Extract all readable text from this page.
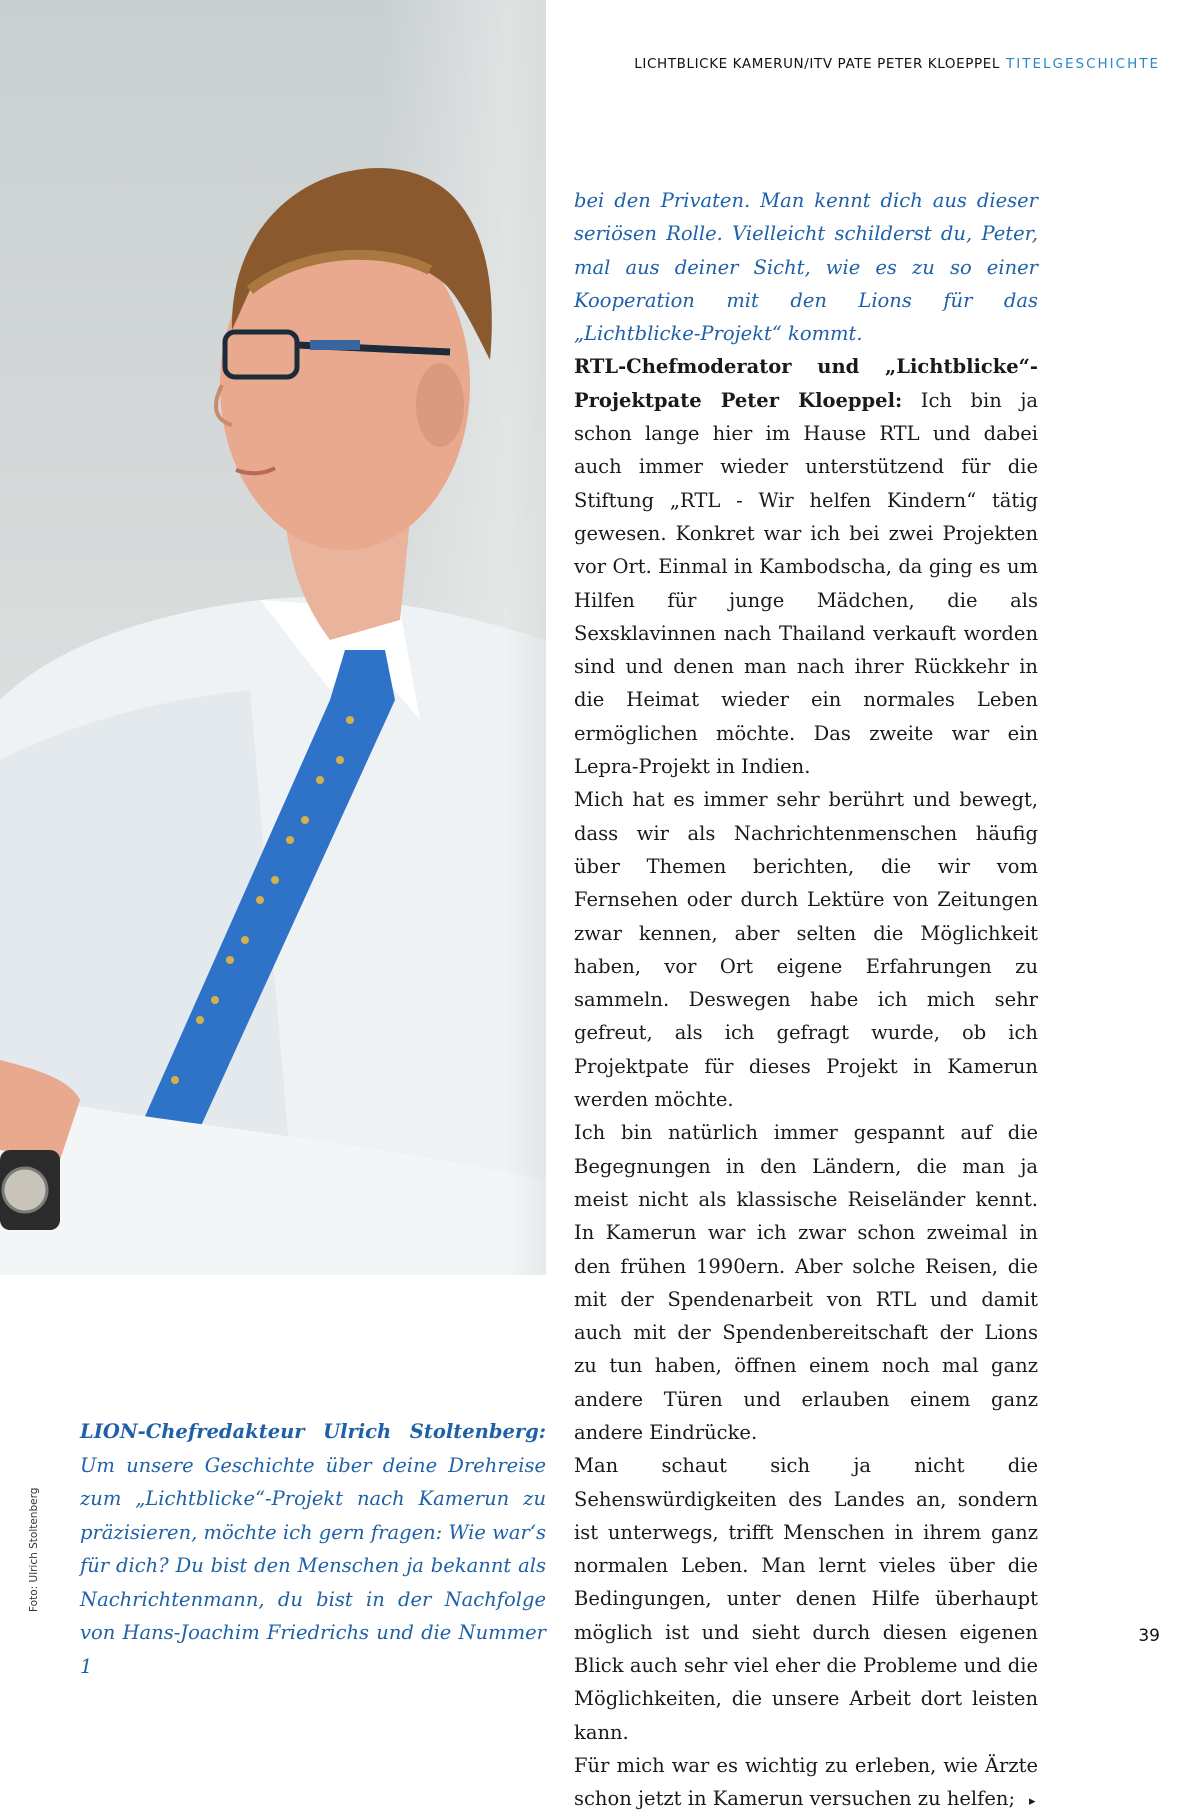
LICHTBLICKE KAMERUN/ITV PATE PETER KLOEPPEL TITELGESCHICHTE
Foto: Ulrich Stoltenberg
LION-Chefredakteur Ulrich Stoltenberg: Um unsere Geschichte über deine Drehreise zum „Lichtblicke“-Projekt nach Kamerun zu präzisieren, möchte ich gern fragen: Wie war‘s für dich? Du bist den Menschen ja bekannt als Nachrichtenmann, du bist in der Nachfolge von Hans-Joachim Friedrichs und die Nummer 1

bei den Privaten. Man kennt dich aus dieser seriösen Rolle. Vielleicht schilderst du, Peter, mal aus deiner Sicht, wie es zu so einer Kooperation mit den Lions für das „Lichtblicke-Projekt“ kommt.

RTL-Chefmoderator und „Lichtblicke“-Projektpate Peter Kloeppel: Ich bin ja schon lange hier im Hause RTL und dabei auch immer wieder unterstützend für die Stiftung „RTL - Wir helfen Kindern“ tätig gewesen. Konkret war ich bei zwei Projekten vor Ort. Einmal in Kambodscha, da ging es um Hilfen für junge Mädchen, die als Sexsklavinnen nach Thailand verkauft worden sind und denen man nach ihrer Rückkehr in die Heimat wieder ein normales Leben ermöglichen möchte. Das zweite war ein Lepra-Projekt in Indien.

Mich hat es immer sehr berührt und bewegt, dass wir als Nachrichtenmenschen häufig über Themen berichten, die wir vom Fernsehen oder durch Lektüre von Zeitungen zwar kennen, aber selten die Möglichkeit haben, vor Ort eigene Erfahrungen zu sammeln. Deswegen habe ich mich sehr gefreut, als ich gefragt wurde, ob ich Projektpate für dieses Projekt in Kamerun werden möchte.

Ich bin natürlich immer gespannt auf die Begegnungen in den Ländern, die man ja meist nicht als klassische Reiseländer kennt. In Kamerun war ich zwar schon zweimal in den frühen 1990ern. Aber solche Reisen, die mit der Spendenarbeit von RTL und damit auch mit der Spendenbereitschaft der Lions zu tun haben, öffnen einem noch mal ganz andere Türen und erlauben einem ganz andere Eindrücke.

Man schaut sich ja nicht die Sehenswürdigkeiten des Landes an, sondern ist unterwegs, trifft Menschen in ihrem ganz normalen Leben. Man lernt vieles über die Bedingungen, unter denen Hilfe überhaupt möglich ist und sieht durch diesen eigenen Blick auch sehr viel eher die Probleme und die Möglichkeiten, die unsere Arbeit dort leisten kann.

Für mich war es wichtig zu erleben, wie Ärzte schon jetzt in Kamerun versuchen zu helfen; ▸

39
